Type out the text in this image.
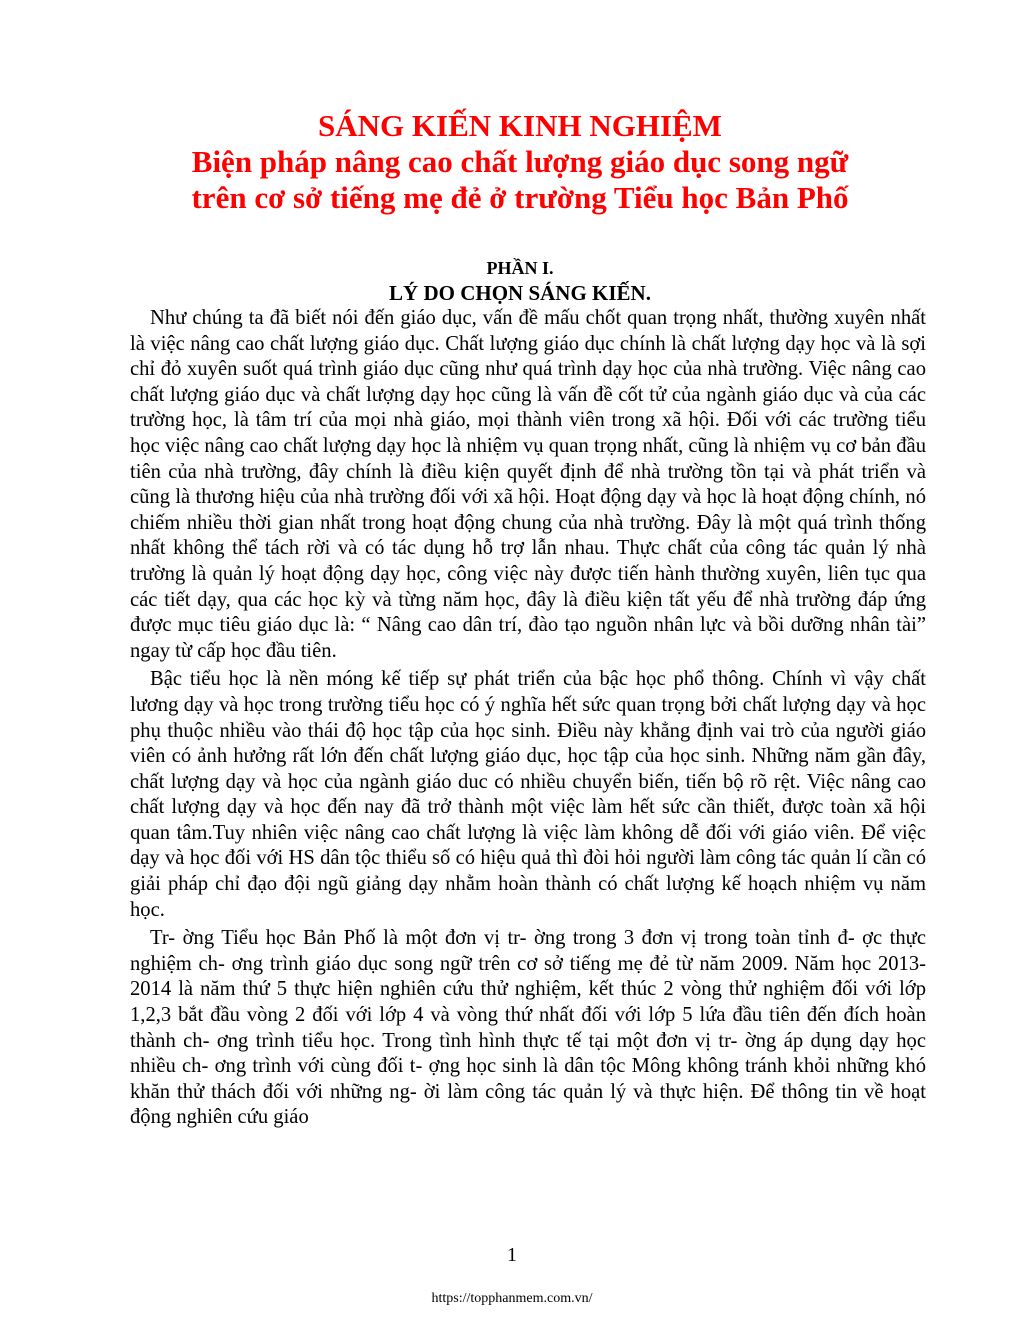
SÁNG KIẾN KINH NGHIỆM
Biện pháp nâng cao chất lượng giáo dục song ngữ
trên cơ sở tiếng mẹ đẻ ở trường Tiểu học Bản Phố
PHẦN I.
LÝ DO CHỌN SÁNG KIẾN.

Như chúng ta đã biết nói đến giáo dục, vấn đề mấu chốt quan trọng nhất, thường xuyên nhất là việc nâng cao chất lượng giáo dục. Chất lượng giáo dục chính là chất lượng dạy học và là sợi chỉ đỏ xuyên suốt quá trình giáo dục cũng như quá trình dạy học của nhà trường. Việc nâng cao chất lượng giáo dục và chất lượng dạy học cũng là vấn đề cốt tử của ngành giáo dục và của các trường học, là tâm trí của mọi nhà giáo, mọi thành viên trong xã hội. Đối với các trường tiểu học việc nâng cao chất lượng dạy học là nhiệm vụ quan trọng nhất, cũng là nhiệm vụ cơ bản đầu tiên của nhà trường, đây chính là điều kiện quyết định để nhà trường tồn tại và phát triển và cũng là thương hiệu của nhà trường đối với xã hội. Hoạt động dạy và học là hoạt động chính, nó chiếm nhiều thời gian nhất trong hoạt động chung của nhà trường. Đây là một quá trình thống nhất không thể tách rời và có tác dụng hỗ trợ lẫn nhau. Thực chất của công tác quản lý nhà trường là quản lý hoạt động dạy học, công việc này được tiến hành thường xuyên, liên tục qua các tiết dạy, qua các học kỳ và từng năm học, đây là điều kiện tất yếu để nhà trường đáp ứng được mục tiêu giáo dục là: “ Nâng cao dân trí, đào tạo nguồn nhân lực và bồi dưỡng nhân tài” ngay từ cấp học đầu tiên.

Bậc tiểu học là nền móng kế tiếp sự phát triển của bậc học phổ thông. Chính vì vậy chất lương dạy và học trong trường tiểu học có ý nghĩa hết sức quan trọng bởi chất lượng dạy và học phụ thuộc nhiều vào thái độ học tập của học sinh. Điều này khẳng định vai trò của người giáo viên có ảnh hưởng rất lớn đến chất lượng giáo dục, học tập của học sinh. Những năm gần đây, chất lượng dạy và học của ngành giáo duc có nhiều chuyển biến, tiến bộ rõ rệt. Việc nâng cao chất lượng dạy và học đến nay đã trở thành một việc làm hết sức cần thiết, được toàn xã hội quan tâm.Tuy nhiên việc nâng cao chất lượng là việc làm không dễ đối với giáo viên. Để việc dạy và học đối với HS dân tộc thiểu số có hiệu quả thì đòi hỏi người làm công tác quản lí cần có giải pháp chỉ đạo đội ngũ giảng dạy nhằm hoàn thành có chất lượng kế hoạch nhiệm vụ năm học.

Tr- ờng Tiểu học Bản Phố là một đơn vị tr- ờng trong 3 đơn vị trong toàn tỉnh đ- ợc thực nghiệm ch- ơng trình giáo dục song ngữ trên cơ sở tiếng mẹ đẻ từ năm 2009. Năm học 2013-2014 là năm thứ 5 thực hiện nghiên cứu thử nghiệm, kết thúc 2 vòng thử nghiệm đối với lớp 1,2,3 bắt đầu vòng 2 đối với lớp 4 và vòng thứ nhất đối với lớp 5 lứa đầu tiên đến đích hoàn thành ch- ơng trình tiểu học. Trong tình hình thực tế tại một đơn vị tr- ờng áp dụng dạy học nhiều ch- ơng trình với cùng đối t- ợng học sinh là dân tộc Mông không tránh khỏi những khó khăn thử thách đối với những ng- ời làm công tác quản lý và thực hiện. Để thông tin về hoạt động nghiên cứu giáo

1
https://topphanmem.com.vn/
